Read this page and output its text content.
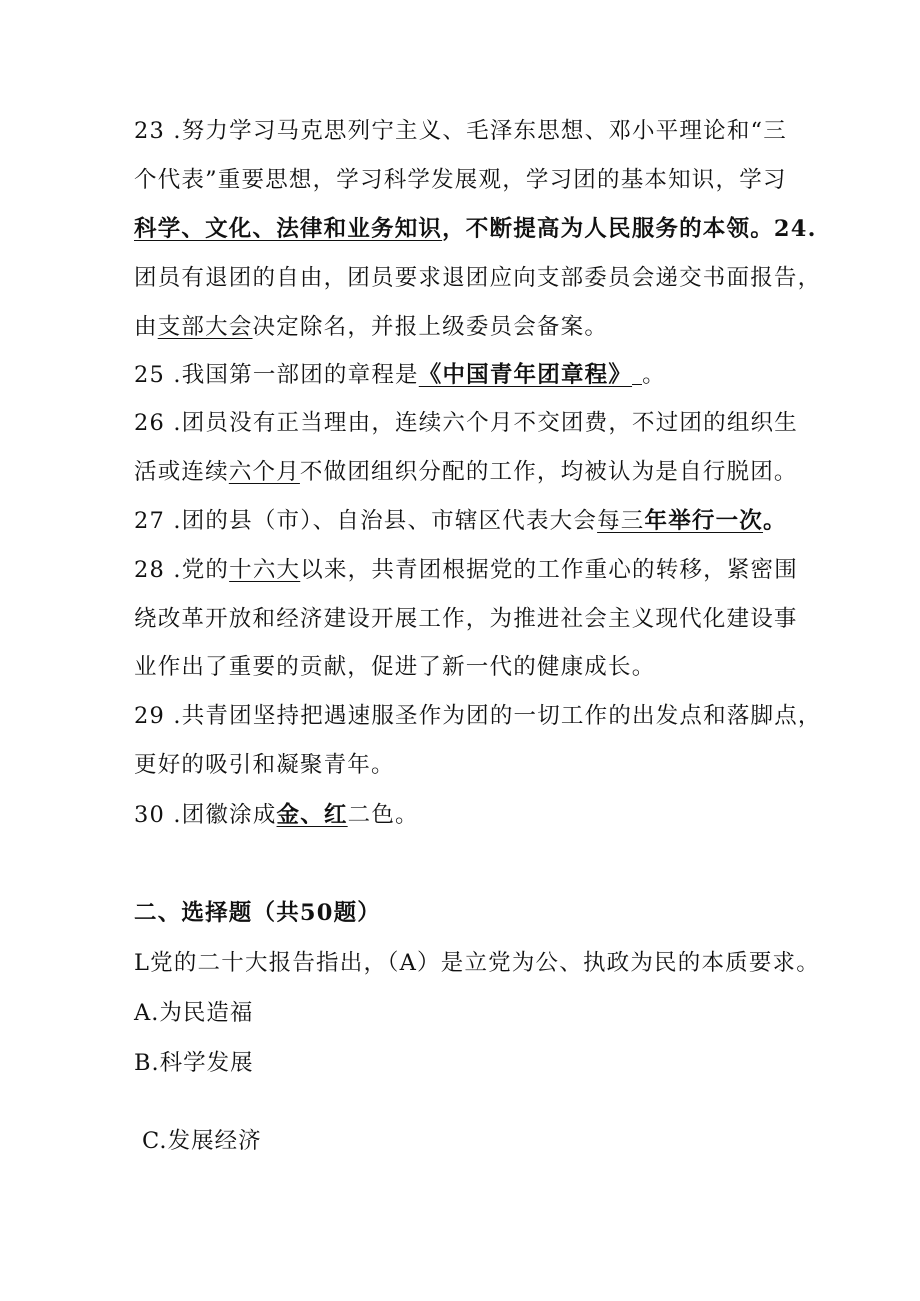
23 .努力学习马克思列宁主义、毛泽东思想、邓小平理论和“三
个代表”重要思想，学习科学发展观，学习团的基本知识，学习
科学、文化、法律和业务知识，不断提高为人民服务的本领。24.
团员有退团的自由，团员要求退团应向支部委员会递交书面报告，
由支部大会决定除名，并报上级委员会备案。
25 .我国第一部团的章程是《中国青年团章程》 。
26 .团员没有正当理由，连续六个月不交团费，不过团的组织生
活或连续六个月不做团组织分配的工作，均被认为是自行脱团。
27 .团的县（市）、自治县、市辖区代表大会每三年举行一次。
28 .党的十六大以来，共青团根据党的工作重心的转移，紧密围
绕改革开放和经济建设开展工作，为推进社会主义现代化建设事
业作出了重要的贡献，促进了新一代的健康成长。
29 .共青团坚持把遇速服圣作为团的一切工作的出发点和落脚点，
更好的吸引和凝聚青年。
30 .团徽涂成金、红二色。
二、选择题（共50题）
L党的二十大报告指出，（A）是立党为公、执政为民的本质要求。
A.为民造福
B.科学发展
C.发展经济
